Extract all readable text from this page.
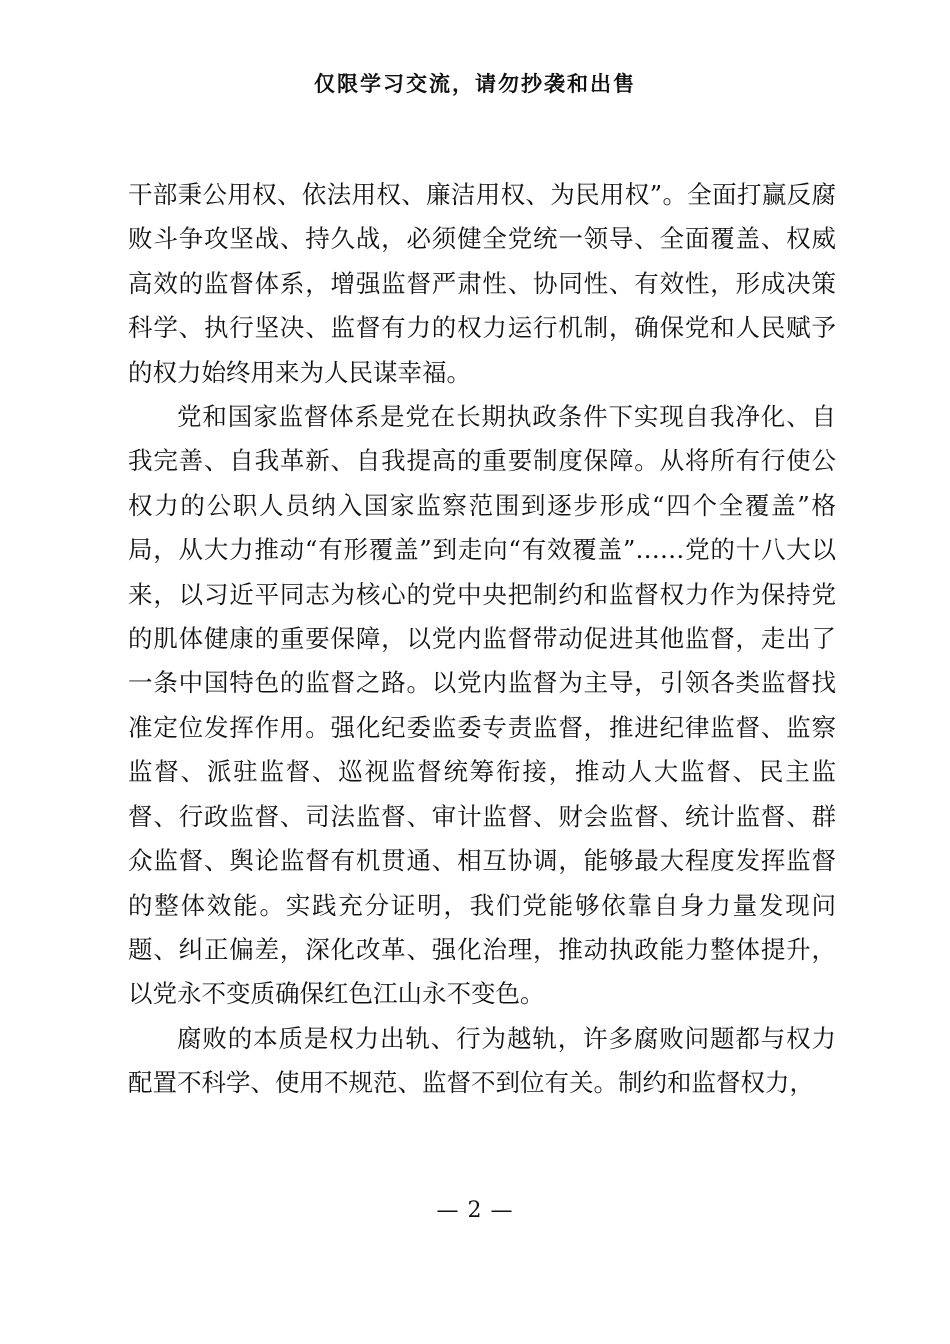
仅限学习交流，请勿抄袭和出售

干部秉公用权、依法用权、廉洁用权、为民用权”。全面打赢反腐败斗争攻坚战、持久战，必须健全党统一领导、全面覆盖、权威高效的监督体系，增强监督严肃性、协同性、有效性，形成决策科学、执行坚决、监督有力的权力运行机制，确保党和人民赋予的权力始终用来为人民谋幸福。

党和国家监督体系是党在长期执政条件下实现自我净化、自我完善、自我革新、自我提高的重要制度保障。从将所有行使公权力的公职人员纳入国家监察范围到逐步形成“四个全覆盖”格局，从大力推动“有形覆盖”到走向“有效覆盖”……党的十八大以来，以习近平同志为核心的党中央把制约和监督权力作为保持党的肌体健康的重要保障，以党内监督带动促进其他监督，走出了一条中国特色的监督之路。以党内监督为主导，引领各类监督找准定位发挥作用。强化纪委监委专责监督，推进纪律监督、监察监督、派驻监督、巡视监督统筹衔接，推动人大监督、民主监督、行政监督、司法监督、审计监督、财会监督、统计监督、群众监督、舆论监督有机贯通、相互协调，能够最大程度发挥监督的整体效能。实践充分证明，我们党能够依靠自身力量发现问题、纠正偏差，深化改革、强化治理，推动执政能力整体提升，以党永不变质确保红色江山永不变色。

腐败的本质是权力出轨、行为越轨，许多腐败问题都与权力配置不科学、使用不规范、监督不到位有关。制约和监督权力，

— 2 —
